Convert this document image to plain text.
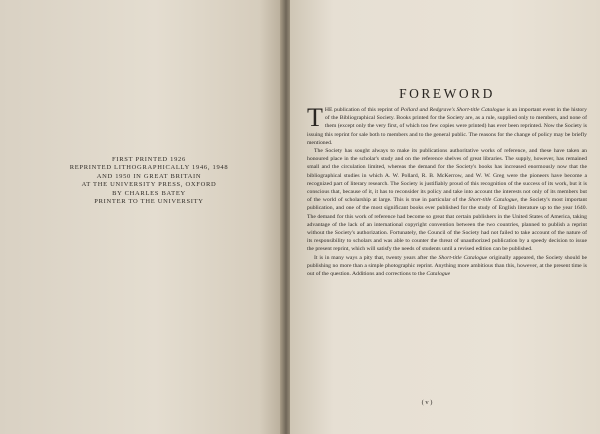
FIRST PRINTED 1926
REPRINTED LITHOGRAPHICALLY 1946, 1948
AND 1950 IN GREAT BRITAIN
AT THE UNIVERSITY PRESS, OXFORD
BY CHARLES BATEY
PRINTER TO THE UNIVERSITY
FOREWORD

THE publication of this reprint of Pollard and Redgrave's Short-title Catalogue is an important event in the history of the Bibliographical Society. Books printed for the Society are, as a rule, supplied only to members, and none of them (except only the very first, of which too few copies were printed) has ever been reprinted. Now the Society is issuing this reprint for sale both to members and to the general public. The reasons for the change of policy may be briefly mentioned.

The Society has sought always to make its publications authoritative works of reference, and these have taken an honoured place in the scholar's study and on the reference shelves of great libraries. The supply, however, has remained small and the circulation limited, whereas the demand for the Society's books has increased enormously now that the bibliographical studies in which A. W. Pollard, R. B. McKerrow, and W. W. Greg were the pioneers have become a recognized part of literary research. The Society is justifiably proud of this recognition of the success of its work, but it is conscious that, because of it, it has to reconsider its policy and take into account the interests not only of its members but of the world of scholarship at large. This is true in particular of the Short-title Catalogue, the Society's most important publication, and one of the most significant books ever published for the study of English literature up to the year 1640. The demand for this work of reference had become so great that certain publishers in the United States of America, taking advantage of the lack of an international copyright convention between the two countries, planned to publish a reprint without the Society's authorization. Fortunately, the Council of the Society had not failed to take account of the nature of its responsibility to scholars and was able to counter the threat of unauthorized publication by a speedy decision to issue the present reprint, which will satisfy the needs of students until a revised edition can be published.

It is in many ways a pity that, twenty years after the Short-title Catalogue originally appeared, the Society should be publishing no more than a simple photographic reprint. Anything more ambitious than this, however, at the present time is out of the question. Additions and corrections to the Catalogue

( v )
